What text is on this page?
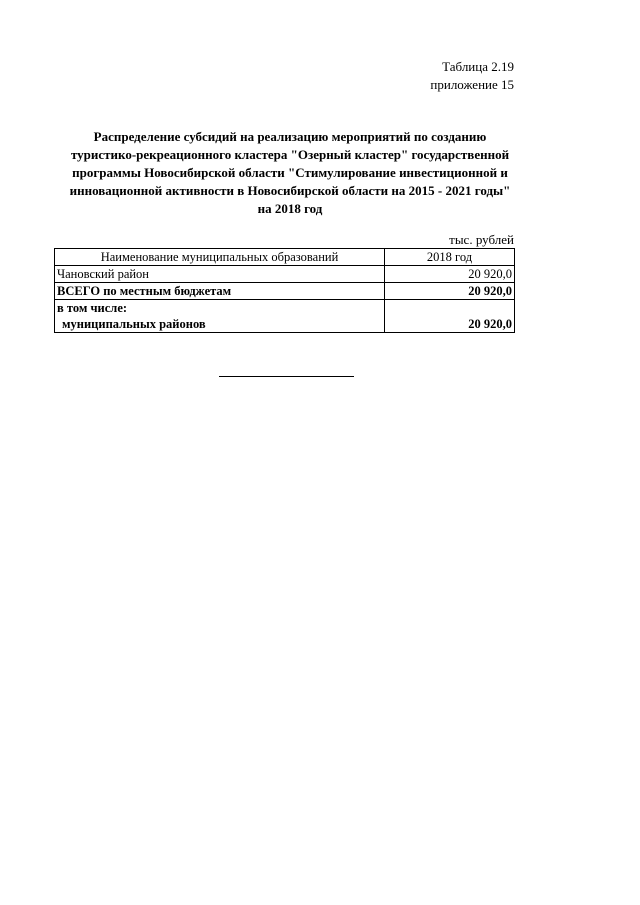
Таблица 2.19
приложение 15
Распределение субсидий на реализацию мероприятий по созданию
туристико-рекреационного кластера "Озерный кластер" государственной
программы Новосибирской области "Стимулирование инвестиционной и
инновационной активности в Новосибирской области на 2015 - 2021 годы"
на 2018 год
тыс. рублей
Наименование муниципальных образований	2018 год
Чановский район	20 920,0
ВСЕГО по местным бюджетам	20 920,0
в том числе:	
муниципальных районов	20 920,0
